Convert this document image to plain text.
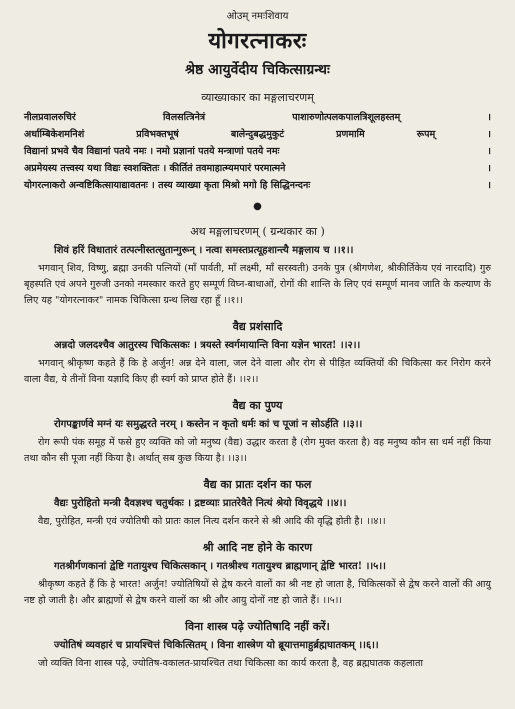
ओउम् नमःशिवाय
योगरत्नाकरः
श्रेष्ठ आयुर्वेदीय चिकित्साग्रन्थः
व्याख्याकार का मङ्गलाचरणम्
नीलप्रवालरुचिरं	विलसत्त्रिनेत्रं	पाशारुणोत्पलकपालत्रिशूलहस्तम्	।
अर्धाम्बिकेशमनिशं	प्रविभक्तभूषं	बालेन्दुबद्धमुकुटं	प्रणमामि	रूपम्	।
विद्यानां प्रभवे चैव विद्यानां पतये नमः । नमो प्रज्ञानां पतये मन्त्राणां पतये नमः	।
अप्रमेयस्य तत्त्वस्य यथा विद्यः स्वशक्तितः । कीर्तितं तवमाहात्म्यमपारं परमात्मने	।
योगरत्नाकरो अन्वष्टिकित्सायाद्यावतनः । तस्य व्याख्या कृता मिश्रो मगो हि सिद्धिनन्दनः	।
●
अथ मङ्गलाचरणम् ( ग्रन्थकार का )
शिवं हरिं विधातारं तत्पत्नीस्तत्सुतान्गुरून् । नत्वा समस्तप्रत्यूहशान्त्यै मङ्गलाय च ।।१।।
भगवान् शिव, विष्णु, ब्रह्मा उनकी पत्नियों (माँ पार्वती, माँ लक्ष्मी, माँ सरस्वती) उनके पुत्र (श्रीगणेश, श्रीकीर्तिकेय एवं नारदादि) गुरु बृहस्पति एवं अपने गुरुजी उनको नमस्कार करते हुए सम्पूर्ण विघ्न-बाधाओं, रोगों की शान्ति के लिए एवं सम्पूर्ण मानव जाति के कल्याण के लिए यह "योगरत्नाकर" नामक चिकित्सा ग्रन्थ लिख रहा हूँ ।।१।।
वैद्य प्रशंसादि
अन्नदो जलदश्चैव आतुरस्य चिकित्सकः । त्रयस्ते स्वर्गमायान्ति विना यज्ञेन भारत! ।।२।।
भगवान् श्रीकृष्ण कहते हैं कि हे अर्जुन! अन्न देने वाला, जल देने वाला और रोग से पीड़ित व्यक्तियों की चिकित्सा कर निरोग करने वाला वैद्य, ये तीनों विना यज्ञादि किए ही स्वर्ग को प्राप्त होते हैं। ।।२।।
वैद्य का पुण्य
रोगपङ्कार्णवे मग्नं यः समुद्धरते नरम् । कस्तेन न कृतो धर्मः कां च पूजां न सोऽर्हति ।।३।।
रोग रूपी पंक समूह में फसे हुए व्यक्ति को जो मनुष्य (वैद्य) उद्धार करता है (रोग मुक्त करता है) वह मनुष्य कौन सा धर्म नहीं किया तथा कौन सी पूजा नहीं किया है। अर्थात् सब कुछ किया है। ।।३।।
वैद्य का प्रातः दर्शन का फल
वैद्यः पुरोहितो मन्त्री दैवज्ञश्च चतुर्थकः । द्रष्टव्याः प्रातरेवैते नित्यं श्रेयो विवृद्धये ।।४।।
वैद्य, पुरोहित, मन्त्री एवं ज्योतिषी को प्रातः काल नित्य दर्शन करने से श्री आदि की वृद्धि होती है। ।।४।।
श्री आदि नष्ट होने के कारण
गतश्रीर्गणकानां द्वेष्टि गतायुश्च चिकित्सकान् । गतश्रीश्च गतायुश्च ब्राह्मणान् द्वेष्टि भारत! ।।५।।
श्रीकृष्ण कहते हैं कि हे भारत! अर्जुन! ज्योतिषियों से द्वेष करने वालों का श्री नष्ट हो जाता है, चिकित्सकों से द्वेष करने वालों की आयु नष्ट हो जाती है। और ब्राह्मणों से द्वेष करने वालों का श्री और आयु दोनों नष्ट हो जाते हैं। ।।५।।
विना शास्त्र पढ़े ज्योतिषादि नहीं करें।
ज्योतिषं व्यवहारं च प्रायश्चित्तं चिकित्सितम् । विना शास्त्रेण यो ब्रूयात्तमाहुर्ब्रह्मघातकम् ।।६।।
जो व्यक्ति विना शास्त्र पढ़े, ज्योतिष-वकालत-प्रायश्चित तथा चिकित्सा का कार्य करता है, वह ब्रह्मघातक कहलाता
